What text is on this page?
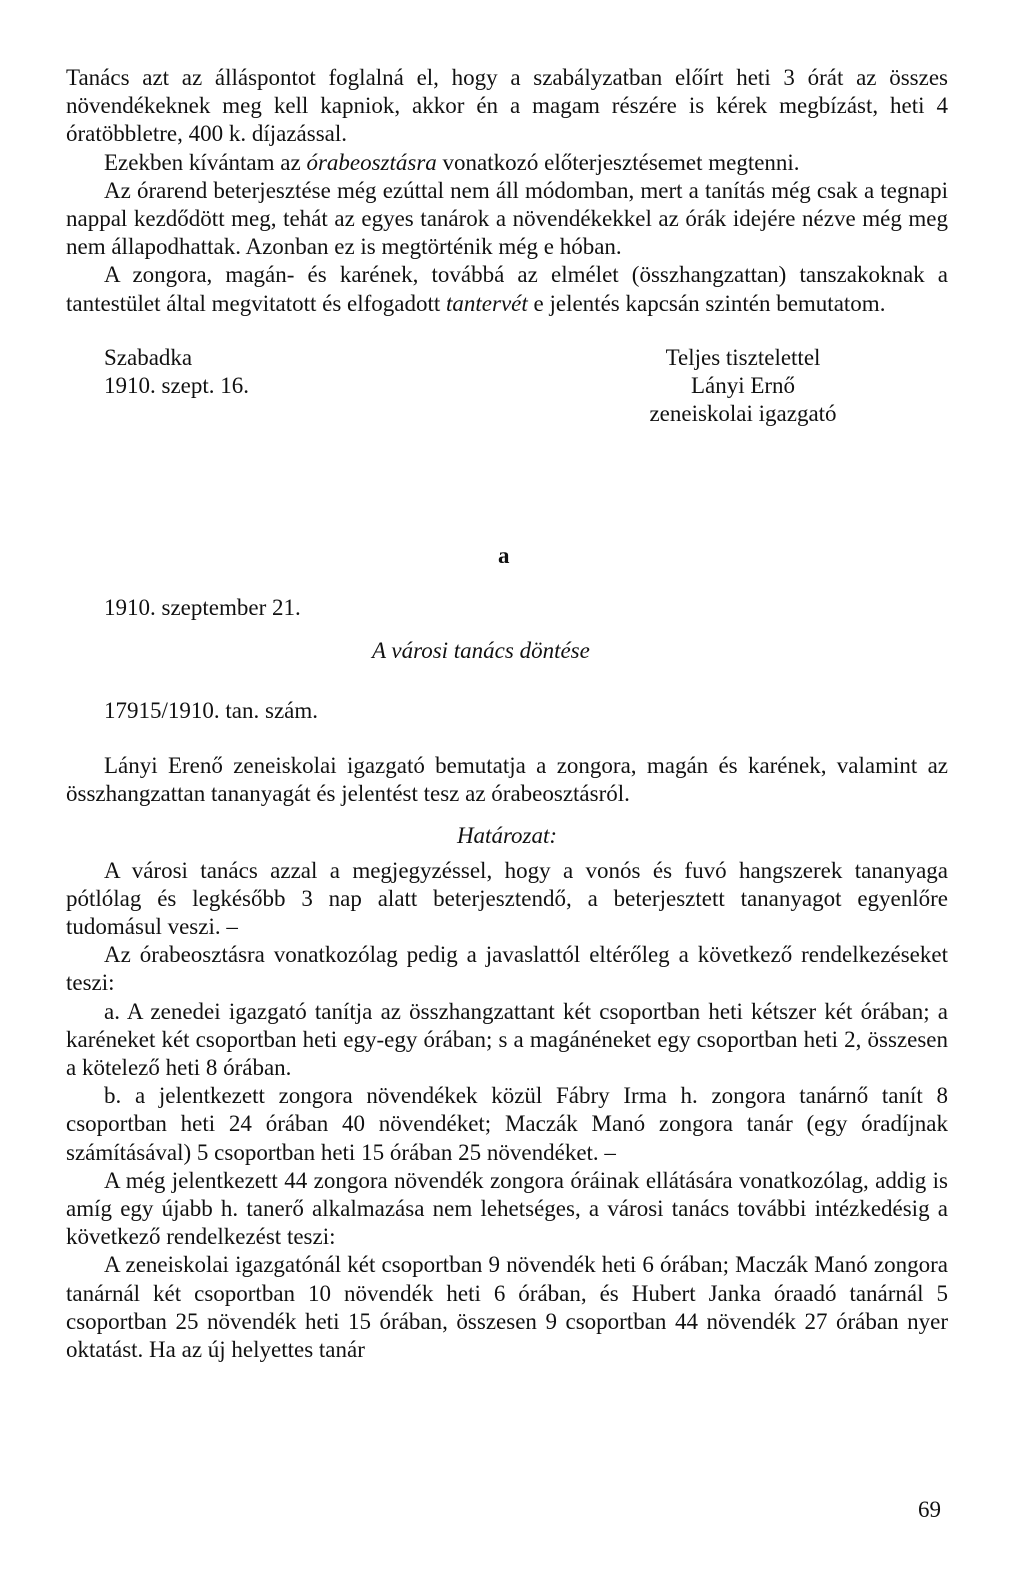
Tanács azt az álláspontot foglalná el, hogy a szabályzatban előírt heti 3 órát az összes növendékeknek meg kell kapniok, akkor én a magam részére is kérek megbízást, heti 4 óratöbbletre, 400 k. díjazással.

Ezekben kívántam az órabeosztásra vonatkozó előterjesztésemet megtenni.

Az órarend beterjesztése még ezúttal nem áll módomban, mert a tanítás még csak a tegnapi nappal kezdődött meg, tehát az egyes tanárok a növendékekkel az órák idejére nézve még meg nem állapodhattak. Azonban ez is megtörténik még e hóban.

A zongora, magán- és karének, továbbá az elmélet (összhangzattan) tanszakoknak a tantestület által megvitatott és elfogadott tantervét e jelentés kapcsán szintén bemutatom.

Szabadka
1910. szept. 16.
Teljes tisztelettel
Lányi Ernő
zeneiskolai igazgató
a
1910. szeptember 21.
A városi tanács döntése
17915/1910. tan. szám.

Lányi Erenő zeneiskolai igazgató bemutatja a zongora, magán és karének, valamint az összhangzattan tananyagát és jelentést tesz az órabeosztásról.

Határozat:

A városi tanács azzal a megjegyzéssel, hogy a vonós és fuvó hangszerek tananyaga pótlólag és legkésőbb 3 nap alatt beterjesztendő, a beterjesztett tananyagot egyenlőre tudomásul veszi. –

Az órabeosztásra vonatkozólag pedig a javaslattól eltérőleg a következő rendelkezéseket teszi:

a. A zenedei igazgató tanítja az összhangzattant két csoportban heti kétszer két órában; a karéneket két csoportban heti egy-egy órában; s a magánéneket egy csoportban heti 2, összesen a kötelező heti 8 órában.

b. a jelentkezett zongora növendékek közül Fábry Irma h. zongora tanárnő tanít 8 csoportban heti 24 órában 40 növendéket; Maczák Manó zongora tanár (egy óradíjnak számításával) 5 csoportban heti 15 órában 25 növendéket. –

A még jelentkezett 44 zongora növendék zongora óráinak ellátására vonatkozólag, addig is amíg egy újabb h. tanerő alkalmazása nem lehetséges, a városi tanács további intézkedésig a következő rendelkezést teszi:

A zeneiskolai igazgatónál két csoportban 9 növendék heti 6 órában; Maczák Manó zongora tanárnál két csoportban 10 növendék heti 6 órában, és Hubert Janka óraadó tanárnál 5 csoportban 25 növendék heti 15 órában, összesen 9 csoportban 44 növendék 27 órában nyer oktatást. Ha az új helyettes tanár

69
